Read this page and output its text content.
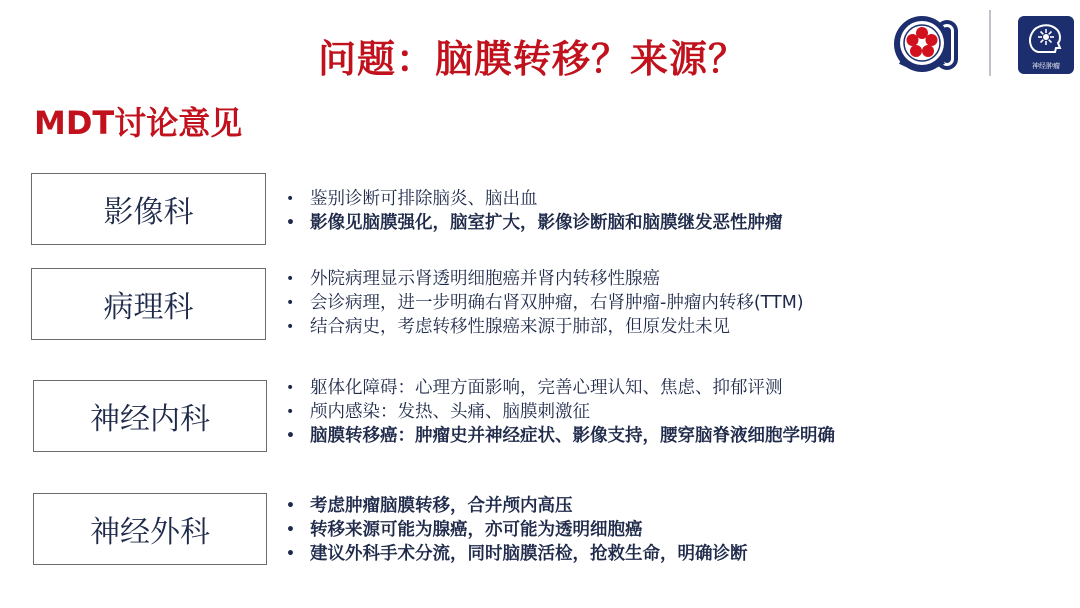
问题：脑膜转移？来源？
MDT讨论意见
神经肿瘤
影像科	• 鉴别诊断可排除脑炎、脑出血
• 影像见脑膜强化，脑室扩大，影像诊断脑和脑膜继发恶性肿瘤
病理科
• 外院病理显示肾透明细胞癌并肾内转移性腺癌
• 会诊病理，进一步明确右肾双肿瘤，右肾肿瘤-肿瘤内转移(TTM)
• 结合病史，考虑转移性腺癌来源于肺部，但原发灶未见
神经内科
• 躯体化障碍：心理方面影响，完善心理认知、焦虑、抑郁评测
• 颅内感染：发热、头痛、脑膜刺激征
• 脑膜转移癌：肿瘤史并神经症状、影像支持，腰穿脑脊液细胞学明确
神经外科
• 考虑肿瘤脑膜转移，合并颅内高压
• 转移来源可能为腺癌，亦可能为透明细胞癌
• 建议外科手术分流，同时脑膜活检，抢救生命，明确诊断
